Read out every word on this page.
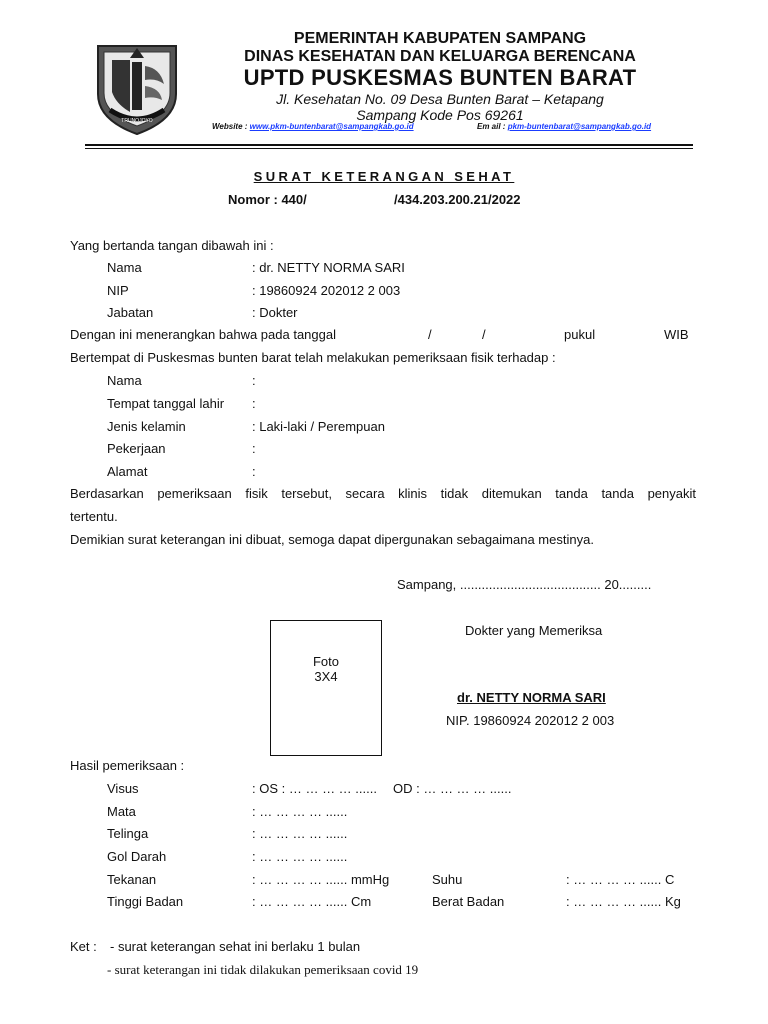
TRUNOJOYO
PEMERINTAH KABUPATEN SAMPANG
DINAS KESEHATAN DAN KELUARGA BERENCANA
UPTD PUSKESMAS BUNTEN BARAT
Jl. Kesehatan No. 09 Desa Bunten Barat – Ketapang
Sampang Kode Pos 69261
Website : www.pkm-buntenbarat@sampangkab.go.id	Em ail : pkm-buntenbarat@sampangkab.go.id
SURAT KETERANGAN SEHAT
Nomor : 440/	/434.203.200.21/2022
Yang bertanda tangan dibawah ini :
Nama	: dr. NETTY NORMA SARI
NIP	: 19860924 202012 2 003
Jabatan	: Dokter
Dengan ini menerangkan bahwa pada tanggal	/	/	pukul	WIB
Bertempat di Puskesmas bunten barat telah melakukan pemeriksaan fisik terhadap :
Nama	:
Tempat tanggal lahir :
Jenis kelamin	: Laki-laki / Perempuan
Pekerjaan	:
Alamat	:
Berdasarkan pemeriksaan fisik tersebut, secara klinis tidak ditemukan tanda tanda penyakit
tertentu.
Demikian surat keterangan ini dibuat, semoga dapat dipergunakan sebagaimana mestinya.
Sampang, ....................................... 20.........
Foto
3X4
Dokter yang Memeriksa
dr. NETTY NORMA SARI
NIP. 19860924 202012 2 003
Hasil pemeriksaan :
Visus	: OS : … … … … ...... OD : … … … … ......
Mata	: … … … … ......
Telinga	: … … … … ......
Gol Darah	: … … … … ......
Tekanan	: … … … … ...... mmHg	Suhu	: … … … … ...... C
Tinggi Badan	: … … … … ...... Cm	Berat Badan	: … … … … ...... Kg
Ket : - surat keterangan sehat ini berlaku 1 bulan
- surat keterangan ini tidak dilakukan pemeriksaan covid 19
